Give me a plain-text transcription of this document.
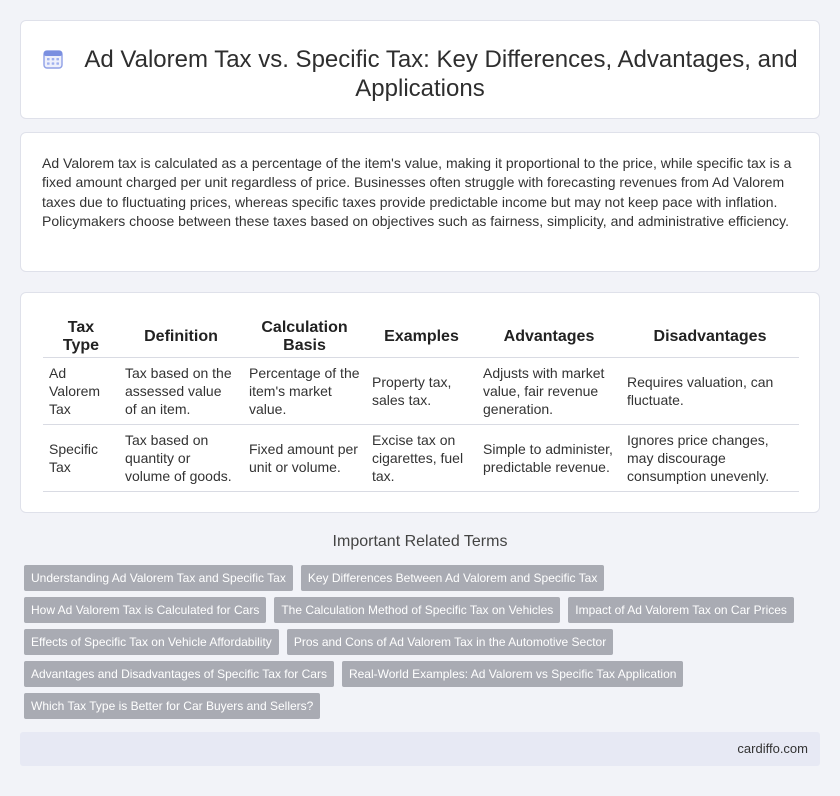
Ad Valorem Tax vs. Specific Tax: Key Differences, Advantages, and Applications

Ad Valorem tax is calculated as a percentage of the item's value, making it proportional to the price, while specific tax is a fixed amount charged per unit regardless of price. Businesses often struggle with forecasting revenues from Ad Valorem taxes due to fluctuating prices, whereas specific taxes provide predictable income but may not keep pace with inflation. Policymakers choose between these taxes based on objectives such as fairness, simplicity, and administrative efficiency.

Tax Type	Definition	Calculation Basis	Examples	Advantages	Disadvantages
Ad Valorem Tax	Tax based on the assessed value of an item.	Percentage of the item's market value.	Property tax, sales tax.	Adjusts with market value, fair revenue generation.	Requires valuation, can fluctuate.
Specific Tax	Tax based on quantity or volume of goods.	Fixed amount per unit or volume.	Excise tax on cigarettes, fuel tax.	Simple to administer, predictable revenue.	Ignores price changes, may discourage consumption unevenly.
Important Related Terms
Understanding Ad Valorem Tax and Specific Tax	Key Differences Between Ad Valorem and Specific Tax
How Ad Valorem Tax is Calculated for Cars	The Calculation Method of Specific Tax on Vehicles	Impact of Ad Valorem Tax on Car Prices
Effects of Specific Tax on Vehicle Affordability	Pros and Cons of Ad Valorem Tax in the Automotive Sector
Advantages and Disadvantages of Specific Tax for Cars	Real-World Examples: Ad Valorem vs Specific Tax Application
Which Tax Type is Better for Car Buyers and Sellers?
cardiffo.com
